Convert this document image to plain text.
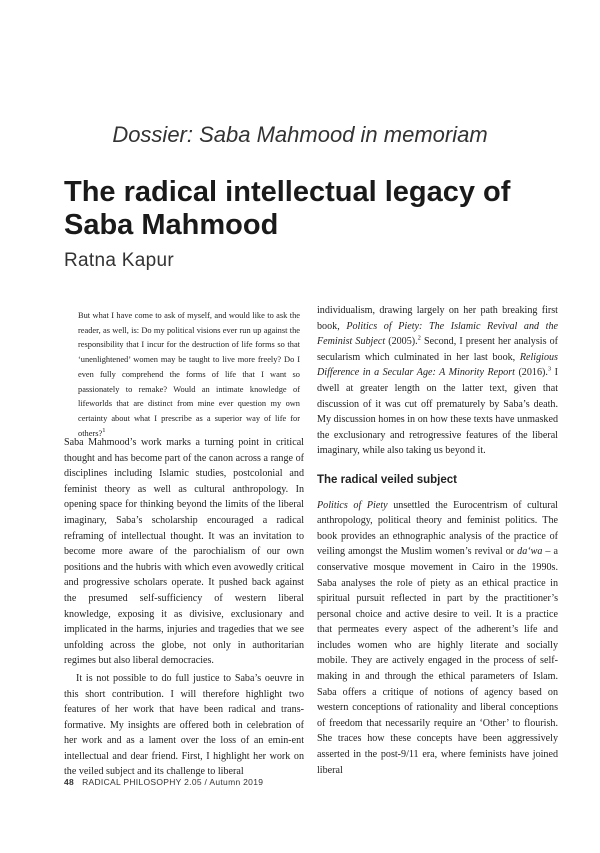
Dossier: Saba Mahmood in memoriam
The radical intellectual legacy of Saba Mahmood
Ratna Kapur

But what I have come to ask of myself, and would like to ask the reader, as well, is: Do my political visions ever run up against the responsibility that I incur for the destruction of life forms so that ‘unenlightened’ women may be taught to live more freely? Do I even fully comprehend the forms of life that I want so passionately to remake? Would an intimate knowledge of lifeworlds that are distinct from mine ever question my own certainty about what I prescribe as a superior way of life for others?$^1$

Saba Mahmood’s work marks a turning point in critical thought and has become part of the canon across a range of disciplines including Islamic studies, postcolonial and feminist theory as well as cultural anthropology. In opening space for thinking beyond the limits of the liberal imaginary, Saba’s scholarship encouraged a radical reframing of intellectual thought. It was an invitation to become more aware of the parochialism of our own positions and the hubris with which even avowedly critical and progressive scholars operate. It pushed back against the presumed self-sufficiency of western liberal knowledge, exposing it as divisive, exclusionary and implicated in the harms, injuries and tragedies that we see unfolding across the globe, not only in authoritarian regimes but also liberal democracies.

It is not possible to do full justice to Saba’s oeuvre in this short contribution. I will therefore highlight two features of her work that have been radical and trans-formative. My insights are offered both in celebration of her work and as a lament over the loss of an emin-ent intellectual and dear friend. First, I highlight her work on the veiled subject and its challenge to liberal

individualism, drawing largely on her path breaking first book, Politics of Piety: The Islamic Revival and the Feminist Subject (2005).$^2$ Second, I present her analysis of secularism which culminated in her last book, Religious Difference in a Secular Age: A Minority Report (2016).$^3$ I dwell at greater length on the latter text, given that discussion of it was cut off prematurely by Saba’s death. My discussion homes in on how these texts have unmasked the exclusionary and retrogressive features of the liberal imaginary, while also taking us beyond it.

The radical veiled subject

Politics of Piety unsettled the Eurocentrism of cultural anthropology, political theory and feminist politics. The book provides an ethnographic analysis of the practice of veiling amongst the Muslim women’s revival or da‘wa – a conservative mosque movement in Cairo in the 1990s. Saba analyses the role of piety as an ethical practice in spiritual pursuit reflected in part by the practitioner’s personal choice and active desire to veil. It is a practice that permeates every aspect of the adherent’s life and includes women who are highly literate and socially mobile. They are actively engaged in the process of self-making in and through the ethical parameters of Islam. Saba offers a critique of notions of agency based on western conceptions of rationality and liberal conceptions of freedom that necessarily require an ‘Other’ to flourish. She traces how these concepts have been aggressively asserted in the post-9/11 era, where feminists have joined liberal

48 RADICAL PHILOSOPHY 2.05 / Autumn 2019
